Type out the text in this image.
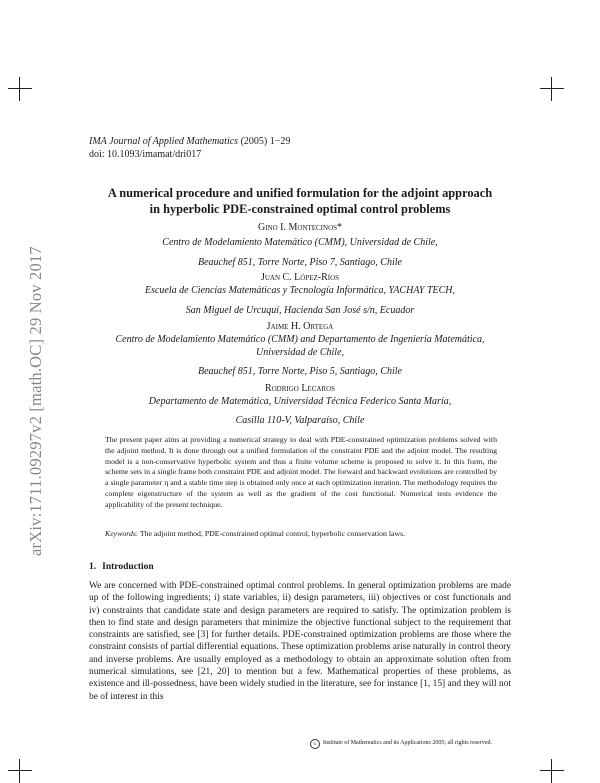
arXiv:1711.09297v2 [math.OC] 29 Nov 2017
IMA Journal of Applied Mathematics (2005) 1−29
doi: 10.1093/imamat/dri017
A numerical procedure and unified formulation for the adjoint approach
in hyperbolic PDE-constrained optimal control problems
Gino I. Montecinos*
Centro de Modelamiento Matemático (CMM), Universidad de Chile,
Beauchef 851, Torre Norte, Piso 7, Santiago, Chile
Juan C. López-Ríos
Escuela de Ciencias Matemáticas y Tecnología Informática, YACHAY TECH,
San Miguel de Urcuquí, Hacienda San José s/n, Ecuador
Jaime H. Ortega
Centro de Modelamiento Matemático (CMM) and Departamento de Ingeniería Matemática,
Universidad de Chile,
Beauchef 851, Torre Norte, Piso 5, Santiago, Chile
Rodrigo Lecaros
Departamento de Matemática, Universidad Técnica Federico Santa María,
Casilla 110-V, Valparaíso, Chile
The present paper aims at providing a numerical strategy to deal with PDE-constrained optimization problems solved with the adjoint method. It is done through out a unified formulation of the constraint PDE and the adjoint model. The resulting model is a non-conservative hyperbolic system and thus a finite volume scheme is proposed to solve it. In this form, the scheme sets in a single frame both constraint PDE and adjoint model. The forward and backward evolutions are controlled by a single parameter η and a stable time step is obtained only once at each optimization iteration. The methodology requires the complete eigenstructure of the system as well as the gradient of the cost functional. Numerical tests evidence the applicability of the present technique.
Keywords: The adjoint method, PDE-constrained optimal control, hyperbolic conservation laws.
1. Introduction
We are concerned with PDE-constrained optimal control problems. In general optimization problems are made up of the following ingredients; i) state variables, ii) design parameters, iii) objectives or cost functionals and iv) constraints that candidate state and design parameters are required to satisfy. The optimization problem is then to find state and design parameters that minimize the objective functional subject to the requirement that constraints are satisfied, see [3] for further details. PDE-constrained optimization problems are those where the constraint consists of partial differential equations. These optimization problems arise naturally in control theory and inverse problems. Are usually employed as a methodology to obtain an approximate solution often from numerical simulations, see [21, 20] to mention but a few. Mathematical properties of these problems, as existence and ill-possedness, have been widely studied in the literature, see for instance [1, 15] and they will not be of interest in this
c Institute of Mathematics and its Applications 2005; all rights reserved.
